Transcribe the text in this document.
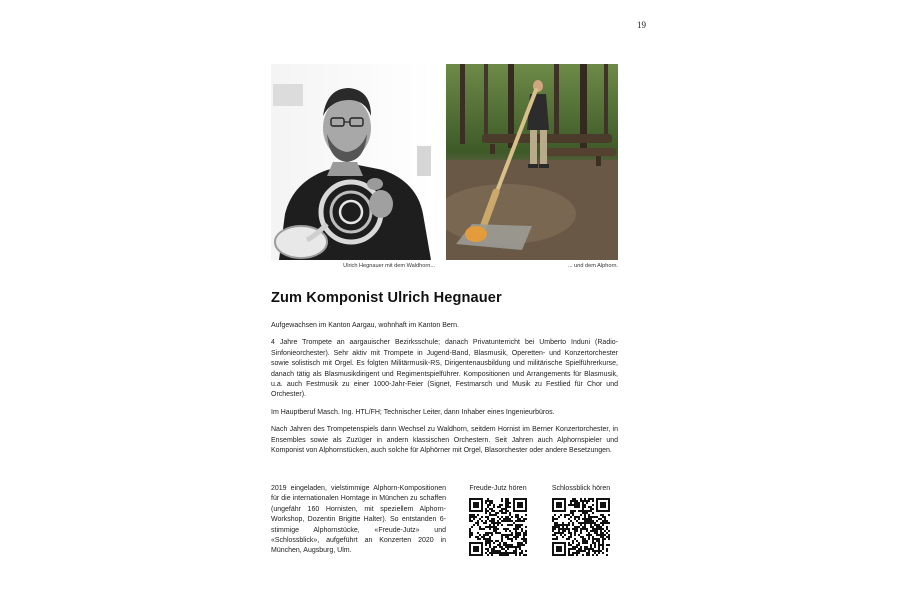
19
Ulrich Hegnauer mit dem Waldhorn...	... und dem Alphorn.
Zum Komponist Ulrich Hegnauer

Aufgewachsen im Kanton Aargau, wohnhaft im Kanton Bern.

4 Jahre Trompete an aargauischer Bezirksschule; danach Privatunterricht bei Umberto Induni (Radio-Sinfonieorchester). Sehr aktiv mit Trompete in Jugend-Band, Blasmusik, Operetten- und Konzertorchester sowie solistisch mit Orgel. Es folgten Militärmusik-RS, Dirigentenausbildung und militärische Spielführerkurse, danach tätig als Blasmusikdirigent und Regimentspielführer. Kompositionen und Arrangements für Blasmusik, u.a. auch Festmusik zu einer 1000-Jahr-Feier (Signet, Festmarsch und Musik zu Festlied für Chor und Orchester).

Im Hauptberuf Masch. Ing. HTL/FH; Technischer Leiter, dann Inhaber eines Ingenieurbüros.

Nach Jahren des Trompetenspiels dann Wechsel zu Waldhorn, seitdem Hornist im Berner Konzertorchester, in Ensembles sowie als Zuzüger in andern klassischen Orchestern. Seit Jahren auch Alphornspieler und Komponist von Alphornstücken, auch solche für Alphörner mit Orgel, Blasorchester oder andere Besetzungen.

2019 eingeladen, vielstimmige Alphorn-Kompositionen für die internationalen Horntage in München zu schaffen (ungefähr 160 Hornisten, mit speziellem Alphorn-Workshop, Dozentin Brigitte Halter). So entstanden 6-stimmige Alphornstücke, «Freude-Jutz» und «Schlossblick», aufgeführt an Konzerten 2020 in München, Augsburg, Ulm.
Freude-Jutz hören	Schlossblick hören
